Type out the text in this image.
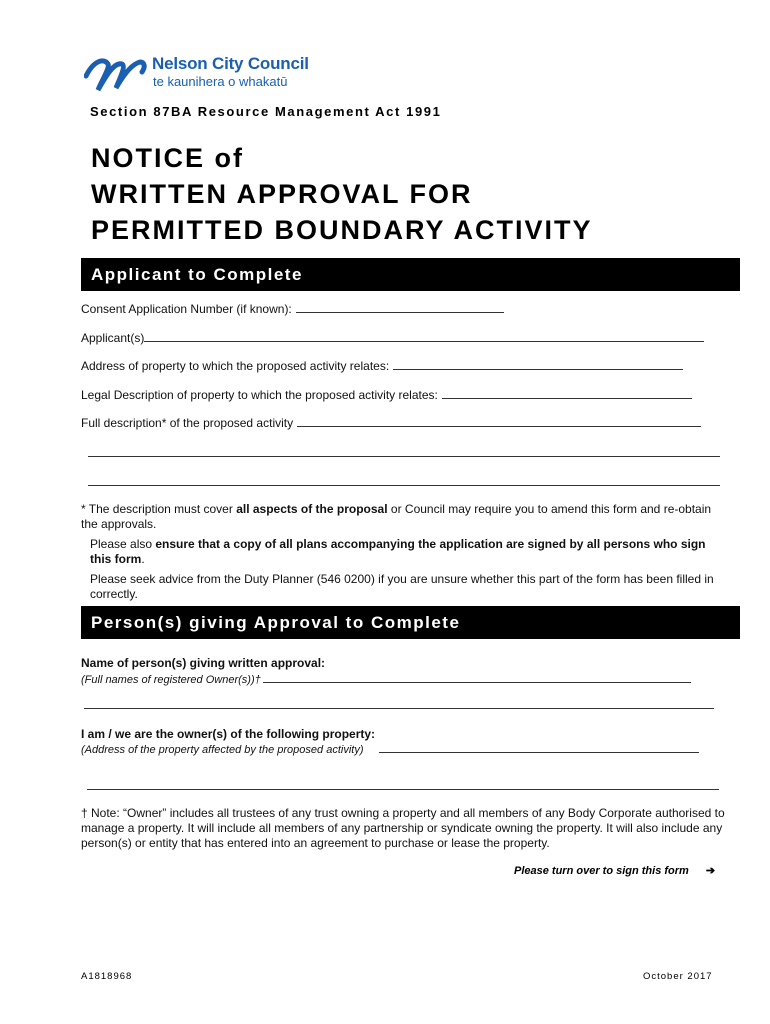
Nelson City Council
te kaunihera o whakatū
Section 87BA Resource Management Act 1991
NOTICE of
WRITTEN APPROVAL FOR
PERMITTED BOUNDARY ACTIVITY
Applicant to Complete
Consent Application Number (if known):
Applicant(s)
Address of property to which the proposed activity relates:
Legal Description of property to which the proposed activity relates:
Full description* of the proposed activity
* The description must cover all aspects of the proposal or Council may require you to amend this form and re-obtain the approvals.
Please also ensure that a copy of all plans accompanying the application are signed by all persons who sign this form.
Please seek advice from the Duty Planner (546 0200) if you are unsure whether this part of the form has been filled in correctly.
Person(s) giving Approval to Complete
Name of person(s) giving written approval:
(Full names of registered Owner(s))†
I am / we are the owner(s) of the following property:
(Address of the property affected by the proposed activity)
† Note: “Owner” includes all trustees of any trust owning a property and all members of any Body Corporate authorised to manage a property. It will include all members of any partnership or syndicate owning the property. It will also include any person(s) or entity that has entered into an agreement to purchase or lease the property.
Please turn over to sign this form ➔
A1818968	October 2017
